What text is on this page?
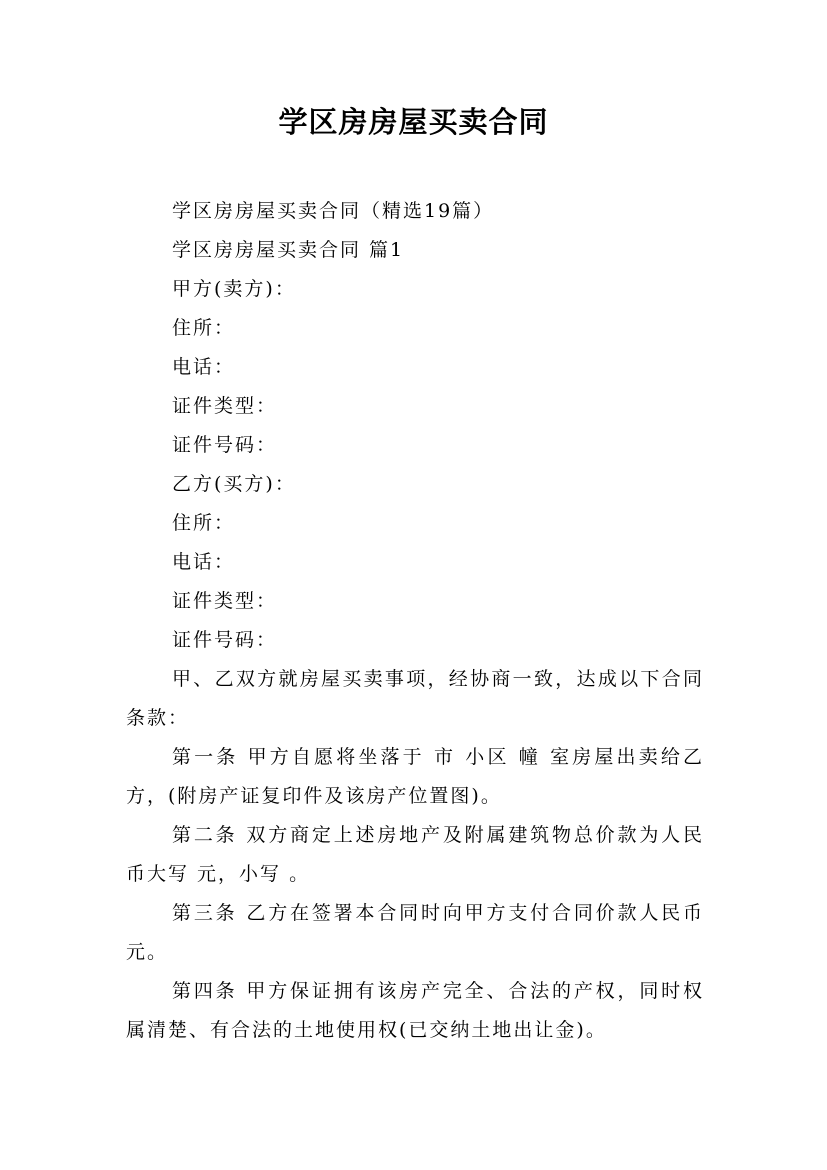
学区房房屋买卖合同

学区房房屋买卖合同（精选19篇）

学区房房屋买卖合同 篇1

甲方(卖方)：

住所：

电话：

证件类型：

证件号码：

乙方(买方)：

住所：

电话：

证件类型：

证件号码：

甲、乙双方就房屋买卖事项，经协商一致，达成以下合同条款：

第一条 甲方自愿将坐落于 市 小区 幢 室房屋出卖给乙方，(附房产证复印件及该房产位置图)。

第二条 双方商定上述房地产及附属建筑物总价款为人民币大写 元，小写 。

第三条 乙方在签署本合同时向甲方支付合同价款人民币 元。

第四条 甲方保证拥有该房产完全、合法的产权，同时权属清楚、有合法的土地使用权(已交纳土地出让金)。
